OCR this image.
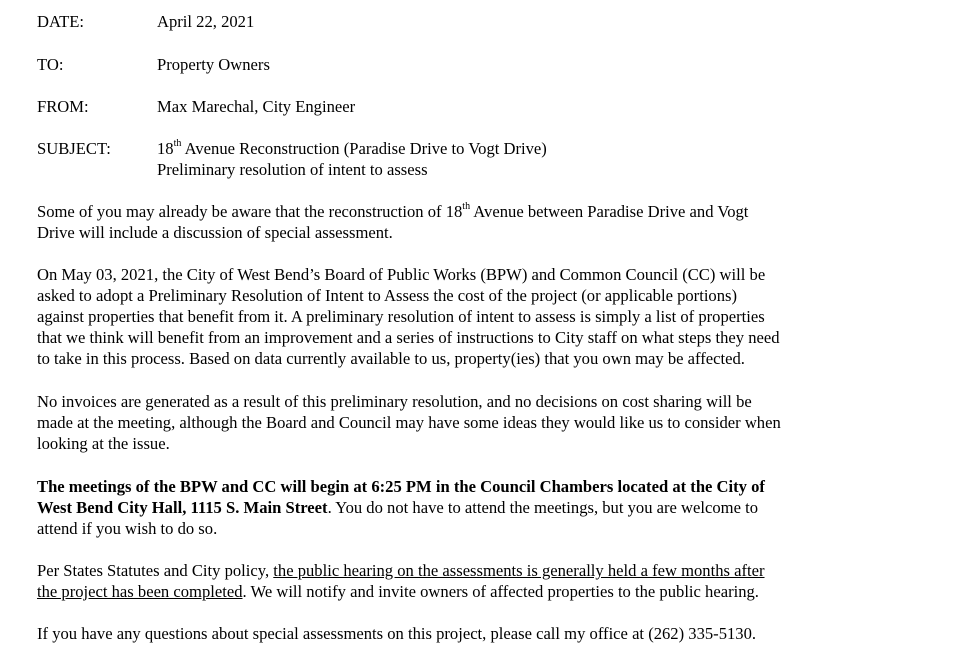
DATE:	April 22, 2021
TO:	Property Owners
FROM:	Max Marechal, City Engineer
SUBJECT:	18th Avenue Reconstruction (Paradise Drive to Vogt Drive)
Preliminary resolution of intent to assess
Some of you may already be aware that the reconstruction of 18th Avenue between Paradise Drive and Vogt
Drive will include a discussion of special assessment.
On May 03, 2021, the City of West Bend’s Board of Public Works (BPW) and Common Council (CC) will be
asked to adopt a Preliminary Resolution of Intent to Assess the cost of the project (or applicable portions)
against properties that benefit from it. A preliminary resolution of intent to assess is simply a list of properties
that we think will benefit from an improvement and a series of instructions to City staff on what steps they need
to take in this process. Based on data currently available to us, property(ies) that you own may be affected.
No invoices are generated as a result of this preliminary resolution, and no decisions on cost sharing will be
made at the meeting, although the Board and Council may have some ideas they would like us to consider when
looking at the issue.
The meetings of the BPW and CC will begin at 6:25 PM in the Council Chambers located at the City of
West Bend City Hall, 1115 S. Main Street. You do not have to attend the meetings, but you are welcome to
attend if you wish to do so.
Per States Statutes and City policy, the public hearing on the assessments is generally held a few months after
the project has been completed. We will notify and invite owners of affected properties to the public hearing.
If you have any questions about special assessments on this project, please call my office at (262) 335-5130.
